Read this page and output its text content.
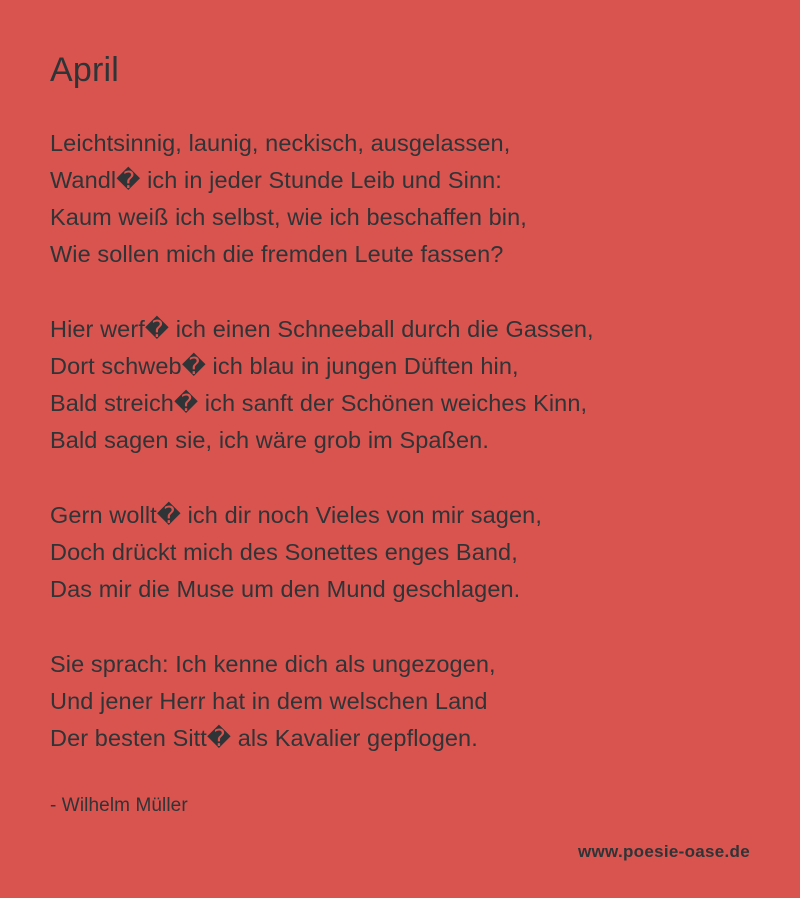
April
Leichtsinnig, launig, neckisch, ausgelassen,
Wandl� ich in jeder Stunde Leib und Sinn:
Kaum weiß ich selbst, wie ich beschaffen bin,
Wie sollen mich die fremden Leute fassen?
Hier werf� ich einen Schneeball durch die Gassen,
Dort schweb� ich blau in jungen Düften hin,
Bald streich� ich sanft der Schönen weiches Kinn,
Bald sagen sie, ich wäre grob im Spaßen.
Gern wollt� ich dir noch Vieles von mir sagen,
Doch drückt mich des Sonettes enges Band,
Das mir die Muse um den Mund geschlagen.
Sie sprach: Ich kenne dich als ungezogen,
Und jener Herr hat in dem welschen Land
Der besten Sitt� als Kavalier gepflogen.
- Wilhelm Müller
www.poesie-oase.de
